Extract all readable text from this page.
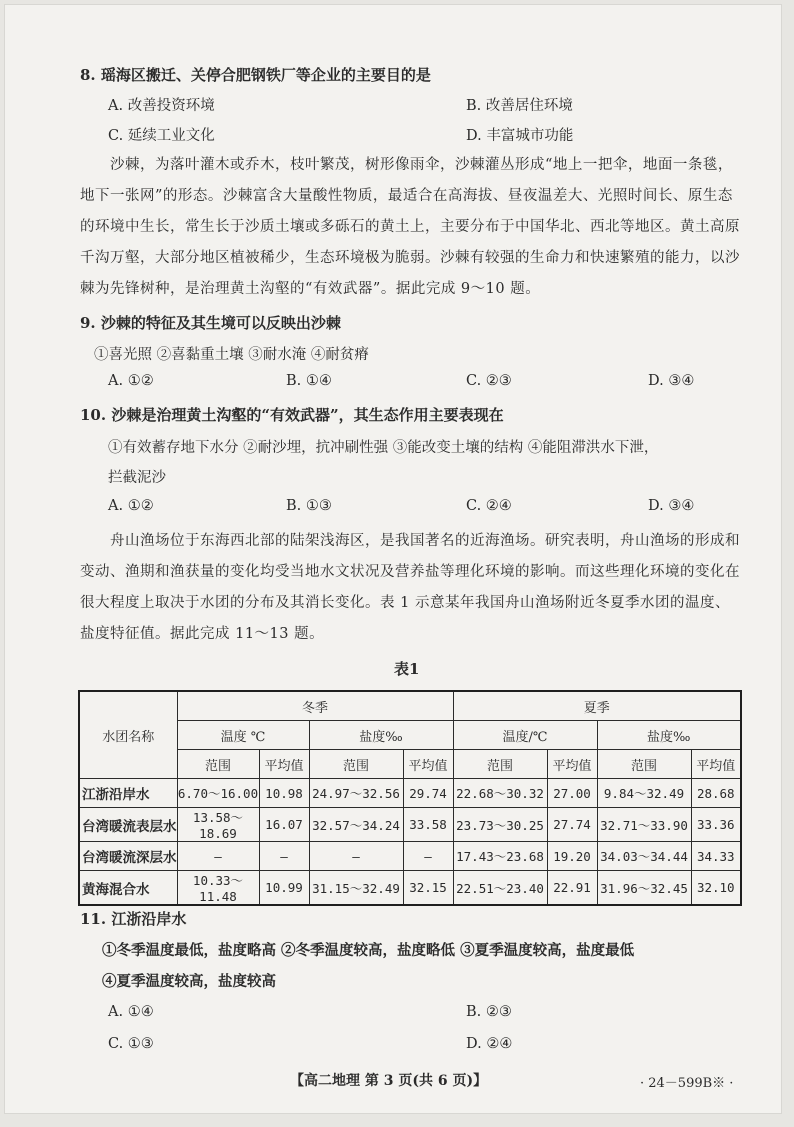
8. 瑶海区搬迁、关停合肥钢铁厂等企业的主要目的是
A. 改善投资环境	B. 改善居住环境
C. 延续工业文化	D. 丰富城市功能
沙棘，为落叶灌木或乔木，枝叶繁茂，树形像雨伞，沙棘灌丛形成“地上一把伞，地面一条毯，地下一张网”的形态。沙棘富含大量酸性物质，最适合在高海拔、昼夜温差大、光照时间长、原生态的环境中生长，常生长于沙质土壤或多砾石的黄土上，主要分布于中国华北、西北等地区。黄土高原千沟万壑，大部分地区植被稀少，生态环境极为脆弱。沙棘有较强的生命力和快速繁殖的能力，以沙棘为先锋树种，是治理黄土沟壑的“有效武器”。据此完成 9～10 题。
9. 沙棘的特征及其生境可以反映出沙棘
①喜光照 ②喜黏重土壤 ③耐水淹 ④耐贫瘠
A. ①②	B. ①④	C. ②③	D. ③④
10. 沙棘是治理黄土沟壑的“有效武器”，其生态作用主要表现在
①有效蓄存地下水分 ②耐沙埋，抗冲刷性强 ③能改变土壤的结构 ④能阻滞洪水下泄，
拦截泥沙
A. ①②	B. ①③	C. ②④	D. ③④
舟山渔场位于东海西北部的陆架浅海区，是我国著名的近海渔场。研究表明，舟山渔场的形成和变动、渔期和渔获量的变化均受当地水文状况及营养盐等理化环境的影响。而这些理化环境的变化在很大程度上取决于水团的分布及其消长变化。表 1 示意某年我国舟山渔场附近冬夏季水团的温度、盐度特征值。据此完成 11～13 题。
表1
水团名称	冬季				夏季			
	温度 ℃		盐度‰		温度/℃		盐度‰	
	范围	平均值	范围	平均值	范围	平均值	范围	平均值
江浙沿岸水	6.70～16.00	10.98	24.97～32.56	29.74	22.68～30.32	27.00	9.84～32.49	28.68
台湾暖流表层水	13.58～18.69	16.07	32.57～34.24	33.58	23.73～30.25	27.74	32.71～33.90	33.36
台湾暖流深层水	—	—	—	—	17.43～23.68	19.20	34.03～34.44	34.33
黄海混合水	10.33～11.48	10.99	31.15～32.49	32.15	22.51～23.40	22.91	31.96～32.45	32.10
11. 江浙沿岸水
①冬季温度最低，盐度略高 ②冬季温度较高，盐度略低 ③夏季温度较高，盐度最低
④夏季温度较高，盐度较高
A. ①④	B. ②③
C. ①③	D. ②④
【高二地理 第 3 页(共 6 页)】	· 24－599B※ ·
